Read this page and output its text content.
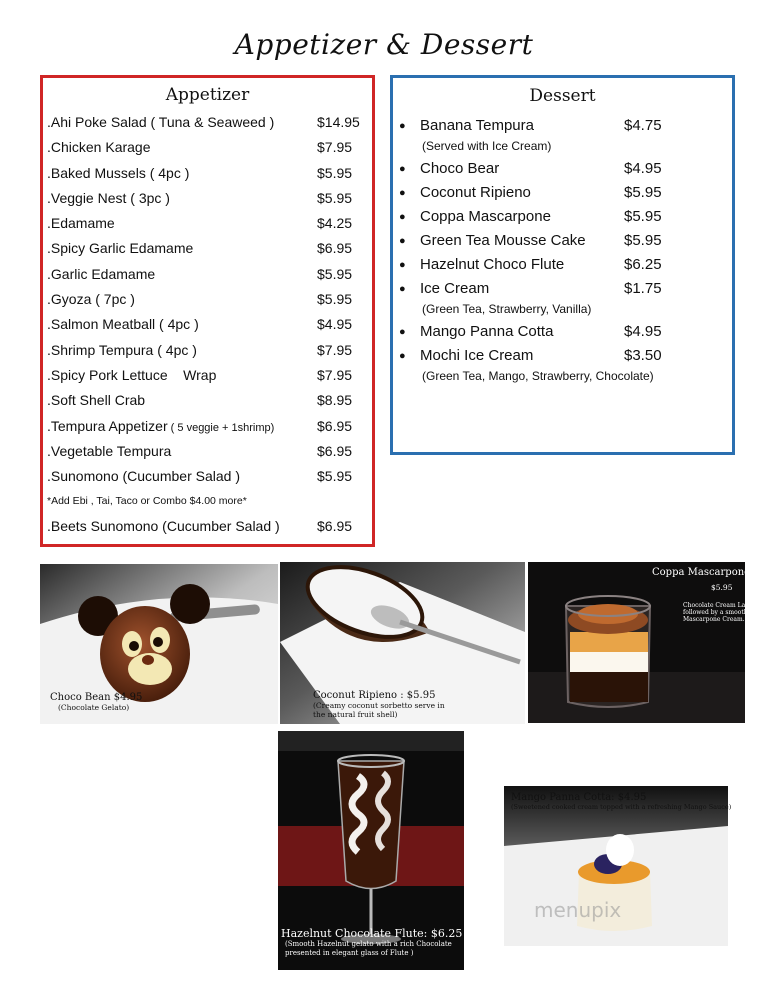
Appetizer & Dessert
Appetizer
.Ahi Poke Salad ( Tuna & Seaweed )	$14.95
.Chicken Karage	$7.95
.Baked Mussels ( 4pc )	$5.95
.Veggie Nest ( 3pc )	$5.95
.Edamame	$4.25
.Spicy Garlic Edamame	$6.95
.Garlic Edamame	$5.95
.Gyoza ( 7pc )	$5.95
.Salmon Meatball ( 4pc )	$4.95
.Shrimp Tempura ( 4pc )	$7.95
.Spicy Pork Lettuce    Wrap	$7.95
.Soft Shell Crab	$8.95
.Tempura Appetizer ( 5 veggie + 1shrimp)	$6.95
.Vegetable Tempura	$6.95
.Sunomono (Cucumber Salad )	$5.95
*Add Ebi , Tai, Taco or Combo $4.00 more*
.Beets Sunomono (Cucumber Salad )	$6.95
Dessert
● Banana Tempura	$4.75
(Served with Ice Cream)
● Choco Bear	$4.95
● Coconut Ripieno	$5.95
● Coppa Mascarpone	$5.95
● Green Tea Mousse Cake	$5.95
● Hazelnut Choco Flute	$6.25
● Ice Cream	$1.75
(Green Tea, Strawberry, Vanilla)
● Mango Panna Cotta	$4.95
● Mochi Ice Cream	$3.50
(Green Tea, Mango, Strawberry, Chocolate)
Choco Bean $4.95
(Chocolate Gelato)
Coconut Ripieno : $5.95
(Creamy coconut sorbetto serve in
the natural fruit shell)
Coppa Mascarpone
$5.95
Chocolate Cream Layer
followed by a smooth
Mascarpone Cream.
Hazelnut Chocolate Flute: $6.25
(Smooth Hazelnut gelato with a rich Chocolate
presented in elegant glass of Flute )
Mango Panna Cotta: $4.95
(Sweetened cooked cream topped with a refreshing Mango Sauce)
menupix
